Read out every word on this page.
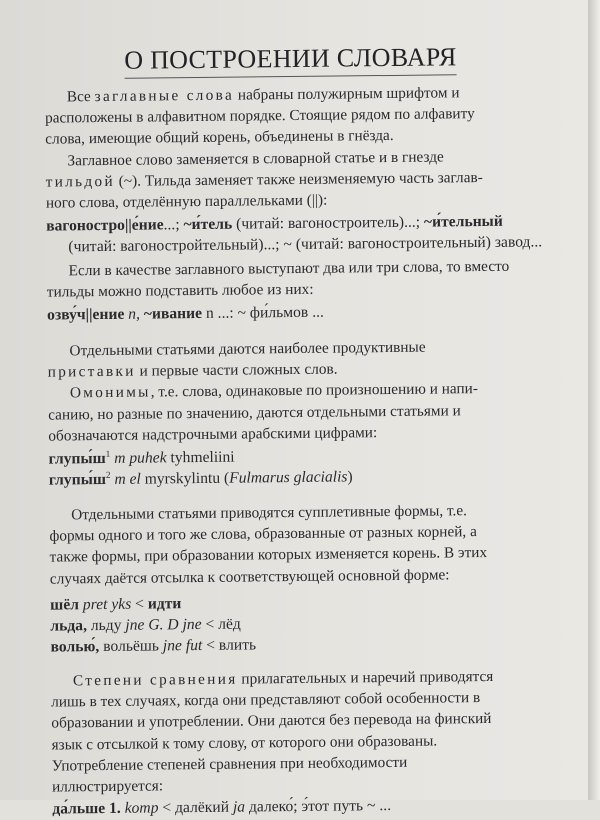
О ПОСТРОЕНИИ СЛОВАРЯ
Все заглавные слова набраны полужирным шрифтом и
расположены в алфавитном порядке. Стоящие рядом по алфавиту
слова, имеющие общий корень, объединены в гнёзда.
Заглавное слово заменяется в словарной статье и в гнезде
тильдой (~). Тильда заменяет также неизменяемую часть заглав-
ного слова, отделённую параллельками (||):
вагоностро||е́ние...; ~и́тель (читай: вагоностроитель)...; ~и́тельный
(читай: вагоностройтельный)...; ~ (читай: вагоностроительный) завод...
Если в качестве заглавного выступают два или три слова, то вместо
тильды можно подставить любое из них:
озву́ч||ение n, ~ивание n ...: ~ фи́льмов ...
Отдельными статьями даются наиболее продуктивные
приставки и первые части сложных слов.
Омонимы, т.е. слова, одинаковые по произношению и напи-
санию, но разные по значению, даются отдельными статьями и
обозначаются надстрочными арабскими цифрами:
$глупы́ш^1$ m puhek tyhmeliini
$глупы́ш^2$ m el myrskylintu (Fulmarus glacialis)
Отдельными статьями приводятся супплетивные формы, т.е.
формы одного и того же слова, образованные от разных корней, а
также формы, при образовании которых изменяется корень. В этих
случаях даётся отсылка к соответствующей основной форме:
шёл pret yks < идти
льда, льду jne G. D jne < лёд
волью́, вольёшь jne fut < влить
Степени сравнения прилагательных и наречий приводятся
лишь в тех случаях, когда они представляют собой особенности в
образовании и употреблении. Они даются без перевода на финский
язык с отсылкой к тому слову, от которого они образованы.
Употребление степеней сравнения при необходимости
иллюстрируется:
да́льше 1. komp < далёкий ja далеко́; э́тот путь ~ ...
